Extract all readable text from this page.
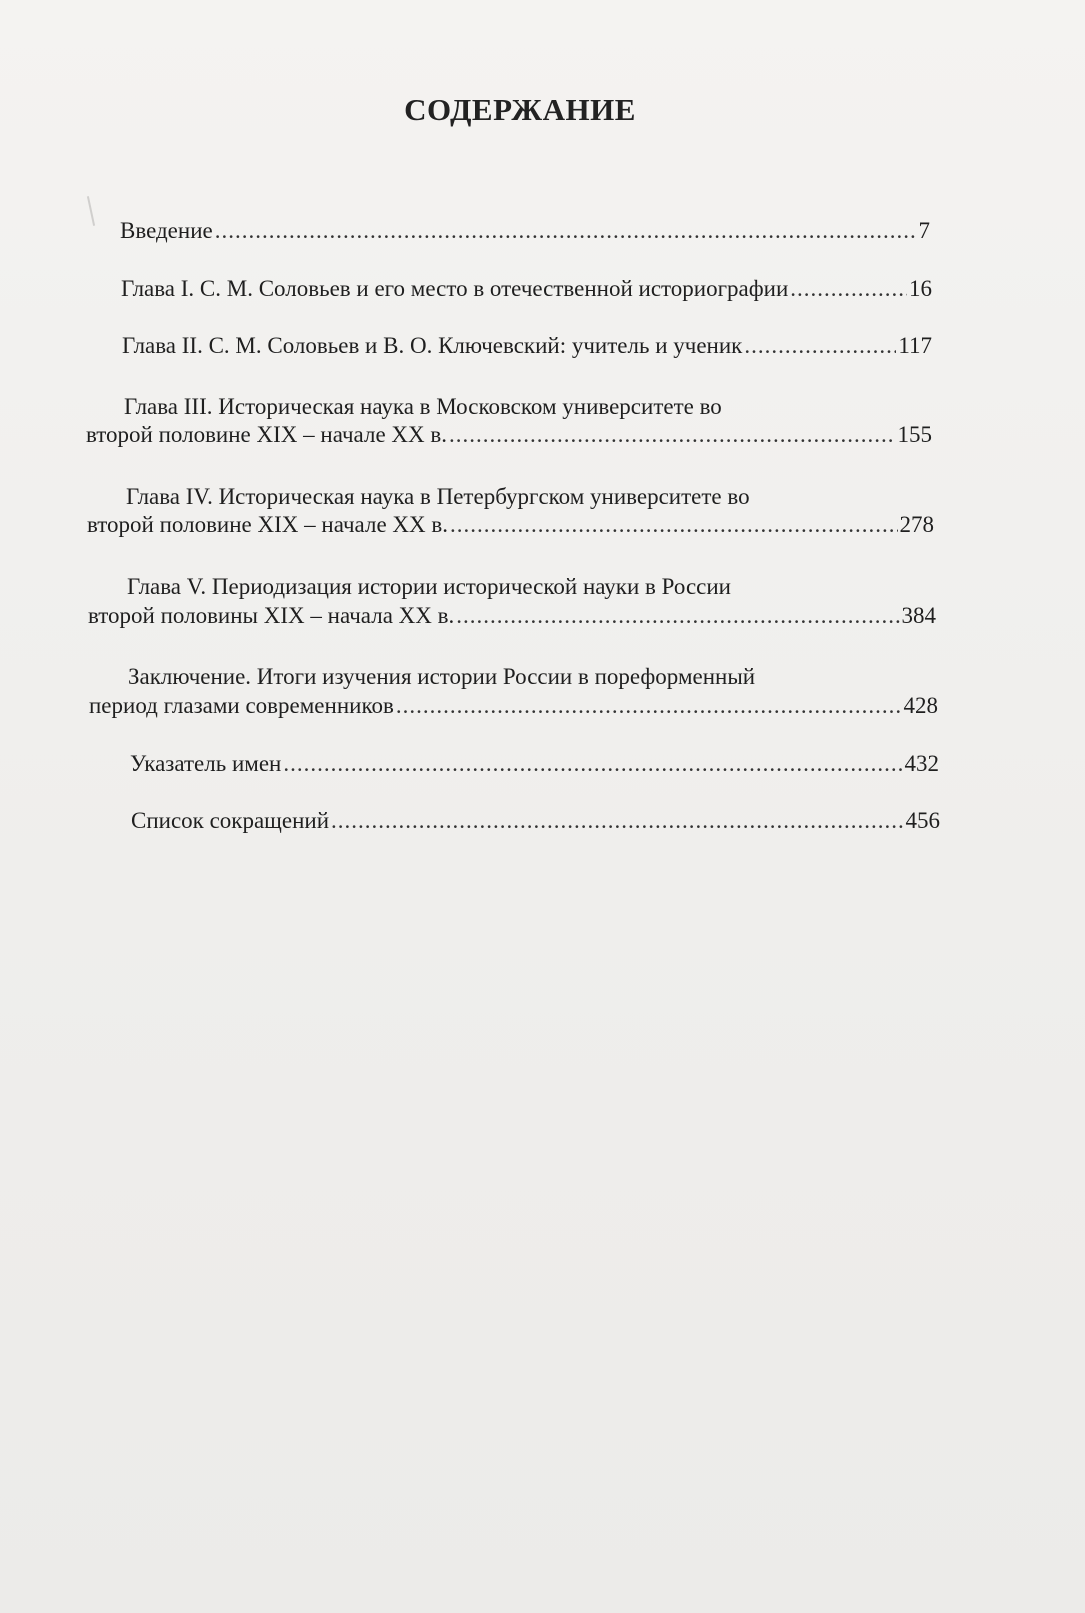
СОДЕРЖАНИЕ
Введение .....	7
Глава I. С. М. Соловьев и его место в отечественной историографии .....	16
Глава II. С. М. Соловьев и В. О. Ключевский: учитель и ученик .....	117
Глава III. Историческая наука в Московском университете во
второй половине XIX – начале XX в. .....	155
Глава IV. Историческая наука в Петербургском университете во
второй половине XIX – начале XX в. .....	278
Глава V. Периодизация истории исторической науки в России
второй половины XIX – начала XX в. .....	384
Заключение. Итоги изучения истории России в пореформенный
период глазами современников .....	428
Указатель имен .....	432
Список сокращений .....	456
